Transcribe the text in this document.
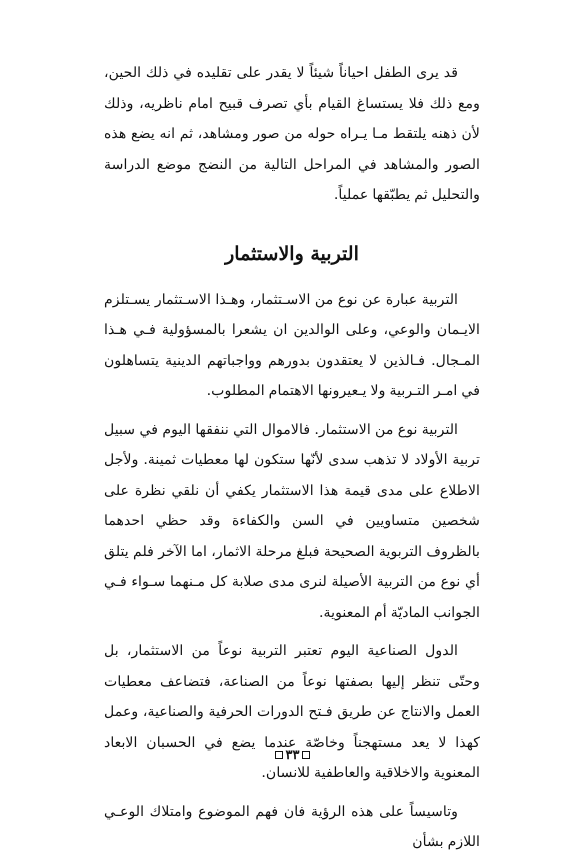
قد يرى الطفل احياناً شيئاً لا يقدر على تقليده في ذلك الحين، ومع ذلك فلا يستساغ القيام بأي تصرف قبيح امام ناظريه، وذلك لأن ذهنه يلتقط مـا يـراه حوله من صور ومشاهد، ثم انه يضع هذه الصور والمشاهد في المراحل التالية من النضج موضع الدراسة والتحليل ثم يطبّقها عملياً.

التربية والاستثمار

التربية عبارة عن نوع من الاسـتثمار، وهـذا الاسـتثمار يسـتلزم الايـمان والوعي، وعلى الوالدين ان يشعرا بالمسؤولية فـي هـذا المـجال. فـالذين لا يعتقدون بدورهم وواجباتهم الدينية يتساهلون في امـر التـربية ولا يـعيرونها الاهتمام المطلوب.

التربية نوع من الاستثمار. فالاموال التي ننفقها اليوم في سبيل تربية الأولاد لا تذهب سدى لأنّها ستكون لها معطيات ثمينة. ولأجل الاطلاع على مدى قيمة هذا الاستثمار يكفي أن نلقي نظرة على شخصين متساويين في السن والكفاءة وقد حظي احدهما بالظروف التربوية الصحيحة فبلغ مرحلة الاثمار، اما الآخر فلم يتلق أي نوع من التربية الأصيلة لنرى مدى صلابة كل مـنهما سـواء فـي الجوانب الماديّة أم المعنوية.

الدول الصناعية اليوم تعتبر التربية نوعاً من الاستثمار، بل وحتّى تنظر إليها بصفتها نوعاً من الصناعة، فتضاعف معطيات العمل والانتاج عن طريق فـتح الدورات الحرفية والصناعية، وعمل كهذا لا يعد مستهجناً وخاصّة عندما يضع في الحسبان الابعاد المعنوية والاخلاقية والعاطفية للانسان.

وتاسيساً على هذه الرؤية فان فهم الموضوع وامتلاك الوعـي اللازم بشأن

٣٣
